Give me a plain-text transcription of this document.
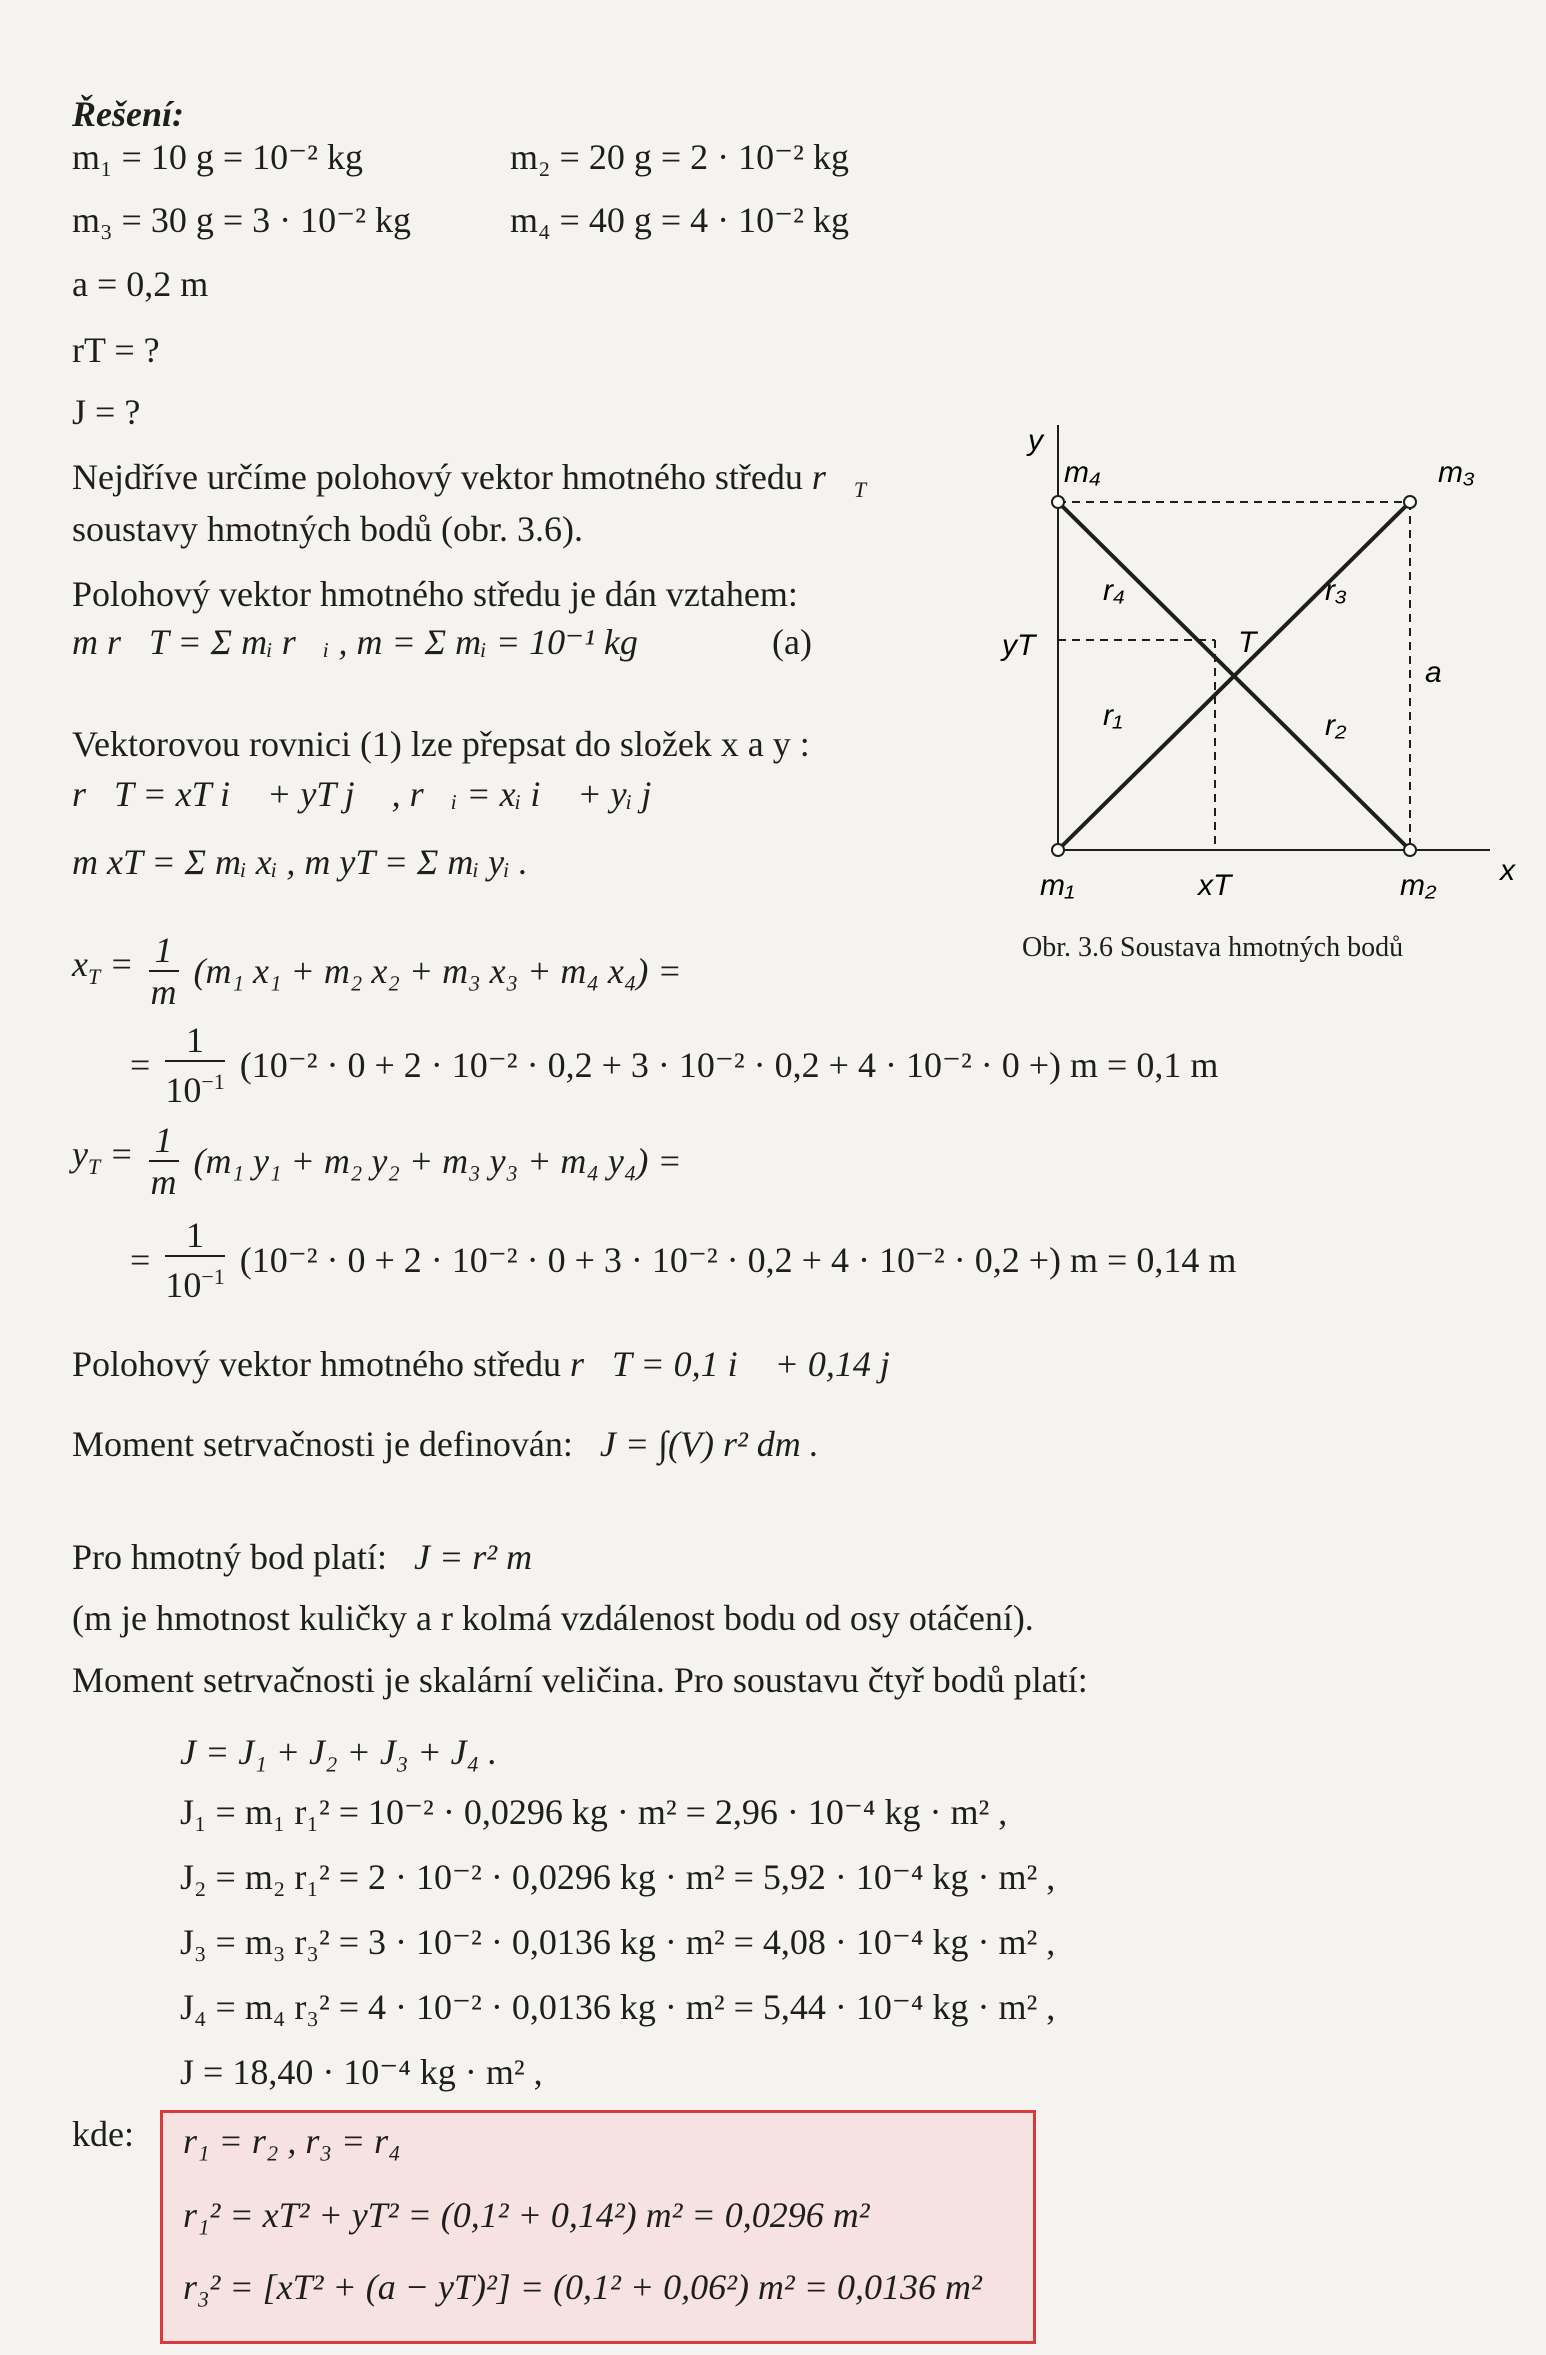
Řešení:
m₁ = 10 g = 10⁻² kg	m₂ = 20 g = 2 · 10⁻² kg
m₃ = 30 g = 3 · 10⁻² kg	m₄ = 40 g = 4 · 10⁻² kg
a = 0,2 m
rT = ?
J = ?
Nejdříve určíme polohový vektor hmotného středu $r⃗_T$
soustavy hmotných bodů (obr. 3.6).
Polohový vektor hmotného středu je dán vztahem:
m r⃗T = Σ mᵢ r⃗ᵢ , m = Σ mᵢ = 10⁻¹ kg	(a)
Vektorovou rovnici (1) lze přepsat do složek x a y :
r⃗T = xT i⃗ + yT j⃗ , r⃗ᵢ = xᵢ i⃗ + yᵢ j⃗
m xT = Σ mᵢ xᵢ , m yT = Σ mᵢ yᵢ .
$x_T = \frac{1}{m} (m_1$ x₁ + m₂ x₂ + m₃ x₃ + m₄ x₄) =
= $\frac{1}{10^{-1}} (10^{-2} \cdot 0 + 2 \cdot 10^{-2} \cdot 0,2 + 3 \cdot 10^{-2} \cdot 0,2 + 4 \cdot 10^{-2} \cdot 0$ +) m = 0,1 m
$y_T = \frac{1}{m} (m_1$ y₁ + m₂ y₂ + m₃ y₃ + m₄ y₄) =
= $\frac{1}{10^{-1}} (10^{-2} \cdot 0 + 2 \cdot 10^{-2} \cdot 0 + 3 \cdot 10^{-2} \cdot 0,2 + 4 \cdot 10^{-2} \cdot 0,2$ +) m = 0,14 m
Polohový vektor hmotného středu r⃗T = 0,1 i⃗ + 0,14 j⃗
Moment setrvačnosti je definován: J = ∫(V) r² dm .
Pro hmotný bod platí: J = r² m
(m je hmotnost kuličky a r kolmá vzdálenost bodu od osy otáčení).
Moment setrvačnosti je skalární veličina. Pro soustavu čtyř bodů platí:
J = J₁ + J₂ + J₃ + J₄ .
J₁ = m₁ r₁² = 10⁻² · 0,0296 kg · m² = 2,96 · 10⁻⁴ kg · m² ,
J₂ = m₂ r₁² = 2 · 10⁻² · 0,0296 kg · m² = 5,92 · 10⁻⁴ kg · m² ,
J₃ = m₃ r₃² = 3 · 10⁻² · 0,0136 kg · m² = 4,08 · 10⁻⁴ kg · m² ,
J₄ = m₄ r₃² = 4 · 10⁻² · 0,0136 kg · m² = 5,44 · 10⁻⁴ kg · m² ,
J = 18,40 · 10⁻⁴ kg · m² ,
kde: r₁ = r₂ , r₃ = r₄
r₁² = xT² + yT² = (0,1² + 0,14²) m² = 0,0296 m²
r₃² = [xT² + (a − yT)²] = (0,1² + 0,06²) m² = 0,0136 m²
y
x
m₄	m₃
m₁	m₂
r₄	r₃
r₁	r₂
T
a
yT
xT
Obr. 3.6 Soustava hmotných bodů
